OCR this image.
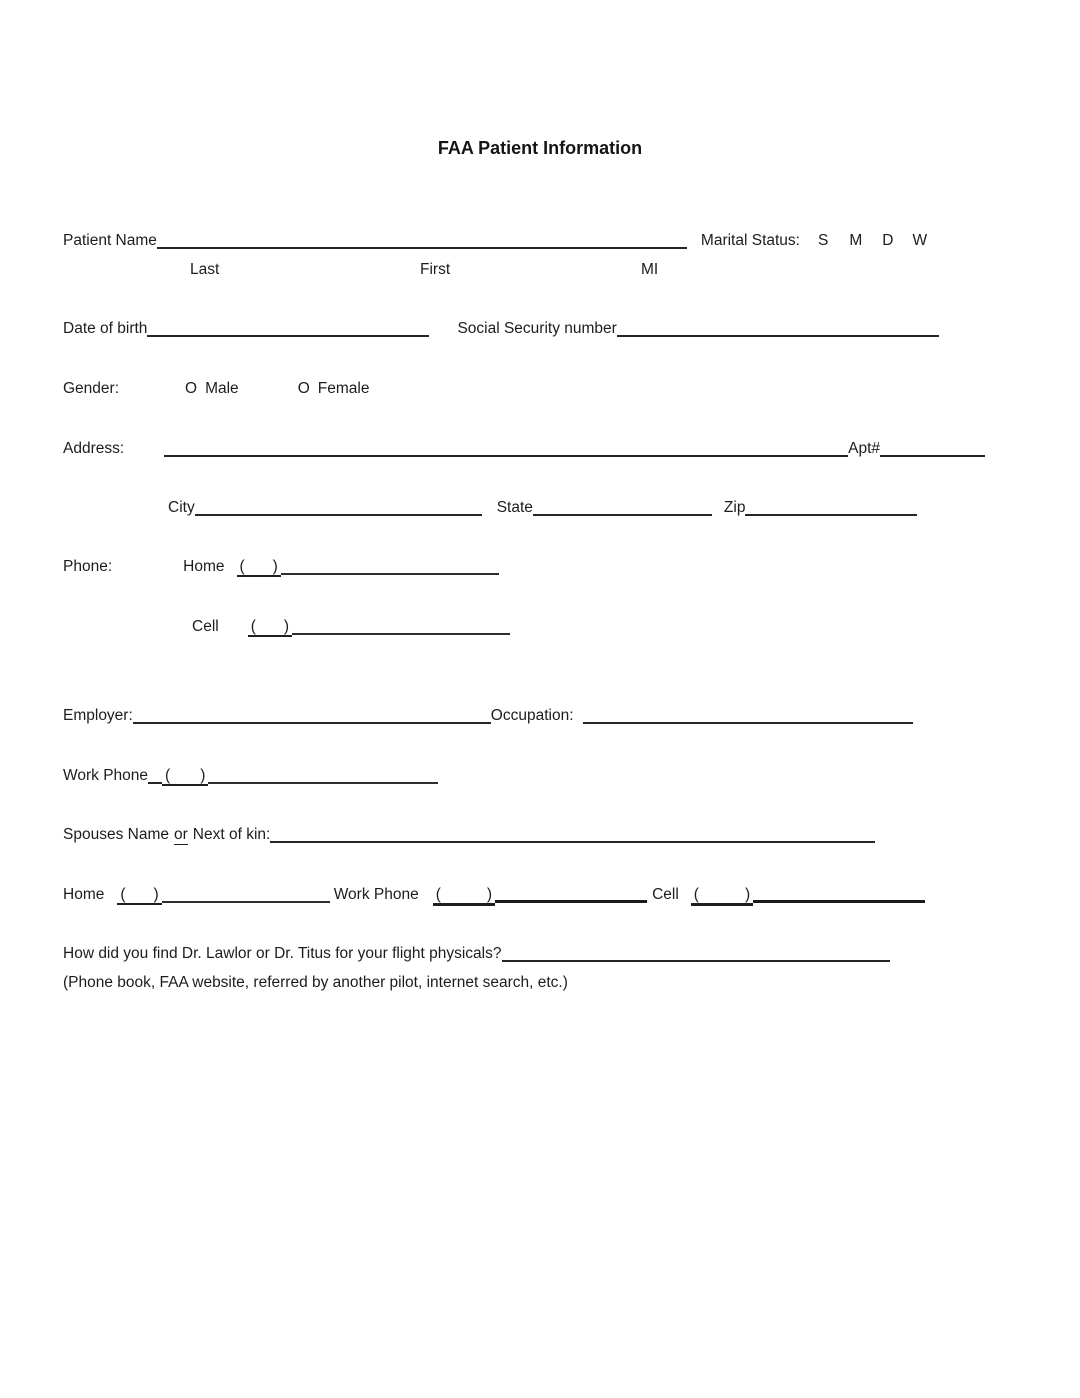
FAA Patient Information
Patient Name	Marital Status: S M D W
Last	First	MI
Date of birth	Social Security number
Gender:	O Male	O Female
Address:	Apt#
City	State	Zip
Phone:	Home ( )
Cell ( )
Employer:	Occupation:
Work Phone ( )
Spouses Name or Next of kin:
Home ( )	Work Phone (	)	Cell (	)
How did you find Dr. Lawlor or Dr. Titus for your flight physicals?
(Phone book, FAA website, referred by another pilot, internet search, etc.)
